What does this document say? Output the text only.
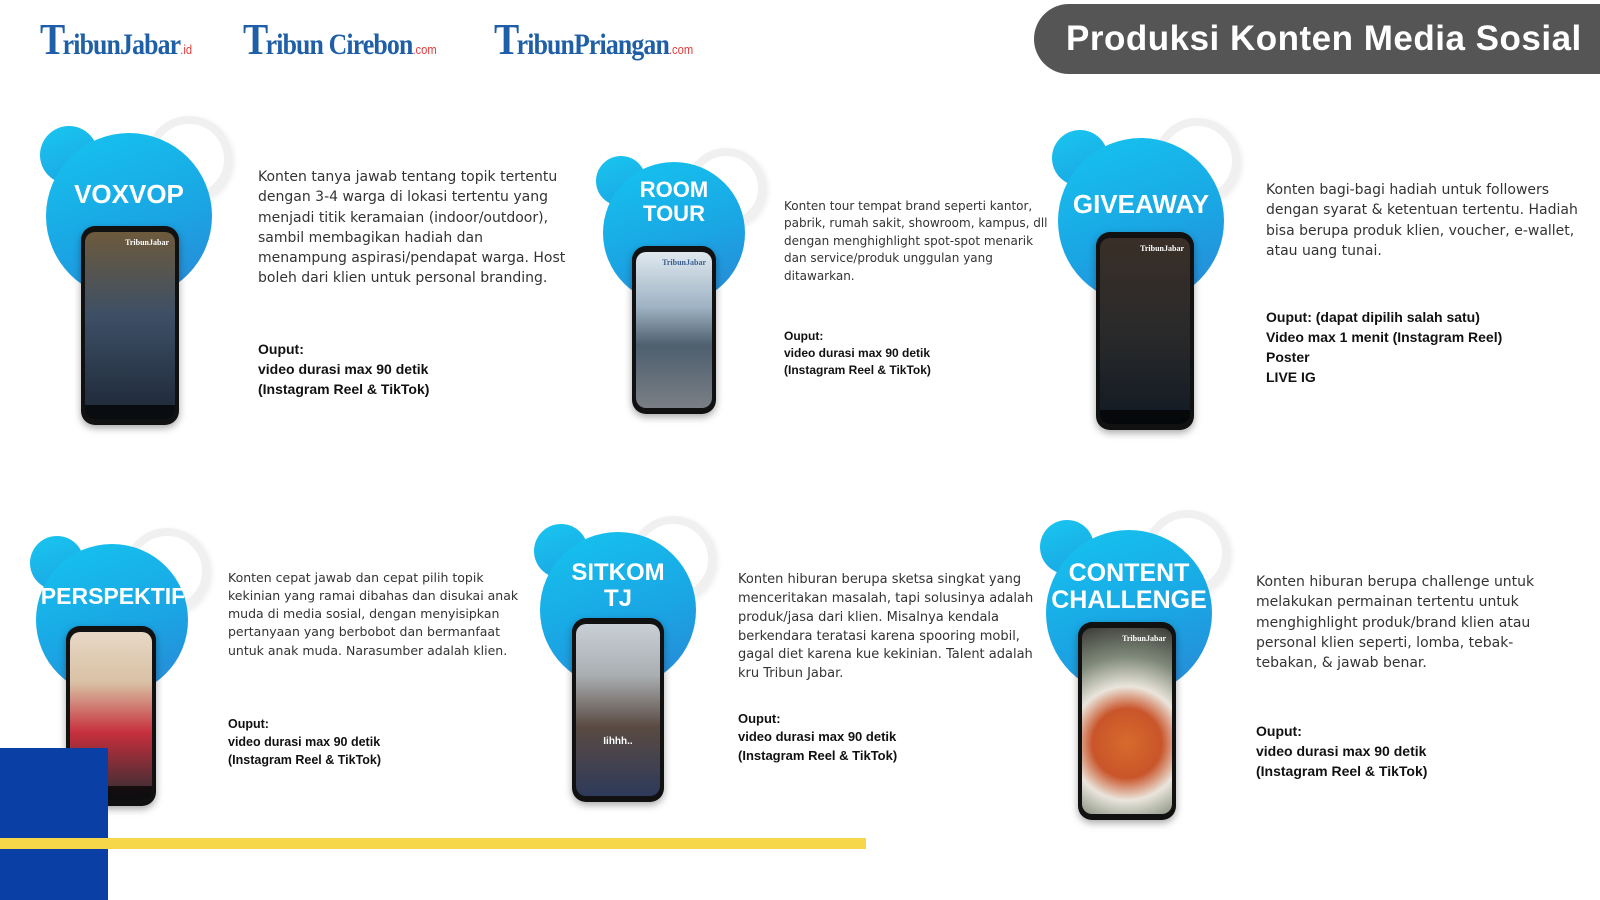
TribunJabar.id Tribun Cirebon.com TribunPriangan.com	Produksi Konten Media Sosial
VOXVOP
TribunJabar
Konten tanya jawab tentang topik tertentu dengan 3-4 warga di lokasi tertentu yang menjadi titik keramaian (indoor/outdoor), sambil membagikan hadiah dan menampung aspirasi/pendapat warga. Host boleh dari klien untuk personal branding.
Ouput:
video durasi max 90 detik
(Instagram Reel & TikTok)
ROOM
TOUR
TribunJabar
Konten tour tempat brand seperti kantor, pabrik, rumah sakit, showroom, kampus, dll dengan menghighlight spot-spot menarik dan service/produk unggulan yang ditawarkan.
Ouput:
video durasi max 90 detik
(Instagram Reel & TikTok)
GIVEAWAY
TribunJabar
Konten bagi-bagi hadiah untuk followers dengan syarat & ketentuan tertentu. Hadiah bisa berupa produk klien, voucher, e-wallet, atau uang tunai.
Ouput: (dapat dipilih salah satu)
Video max 1 menit (Instagram Reel)
Poster
LIVE IG
PERSPEKTIF
Konten cepat jawab dan cepat pilih topik kekinian yang ramai dibahas dan disukai anak muda di media sosial, dengan menyisipkan pertanyaan yang berbobot dan bermanfaat untuk anak muda. Narasumber adalah klien.
Ouput:
video durasi max 90 detik
(Instagram Reel & TikTok)
SITKOM
TJ
Iihhh..
Konten hiburan berupa sketsa singkat yang menceritakan masalah, tapi solusinya adalah produk/jasa dari klien. Misalnya kendala berkendara teratasi karena spooring mobil, gagal diet karena kue kekinian. Talent adalah kru Tribun Jabar.
Ouput:
video durasi max 90 detik
(Instagram Reel & TikTok)
CONTENT
CHALLENGE
TribunJabar
Konten hiburan berupa challenge untuk melakukan permainan tertentu untuk menghighlight produk/brand klien atau personal klien seperti, lomba, tebak-tebakan, & jawab benar.
Ouput:
video durasi max 90 detik
(Instagram Reel & TikTok)
